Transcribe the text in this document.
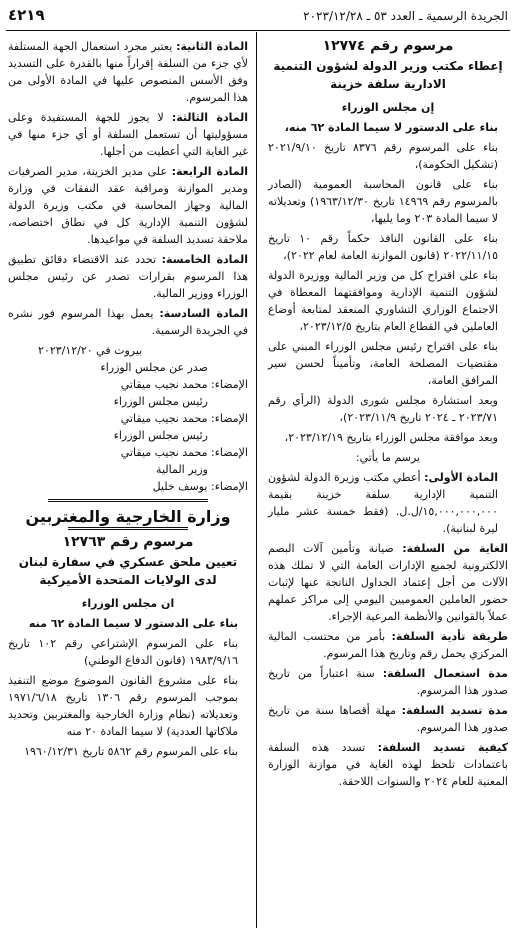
الجريدة الرسمية ـ العدد ٥٣ ـ ٢٠٢٣/١٢/٢٨
٤٢١٩
مرسوم رقم ١٢٧٧٤
إعطاء مكتب وزير الدولة لشؤون التنمية الادارية سلفة خزينة

إن مجلس الوزراء

بناء على الدستور لا سيما المادة ٦٢ منه،

بناء على المرسوم رقم ٨٣٧٦ تاريخ ٢٠٢١/٩/١٠ (تشكيل الحكومة)،

بناء على قانون المحاسبة العمومية (الصادر بالمرسوم رقم ١٤٩٦٩ تاريخ ١٩٦٣/١٢/٣٠) وتعديلاته لا سيما المادة ٢٠٣ وما يليها،

بناء على القانون النافذ حكماً رقم ١٠ تاريخ ٢٠٢٢/١١/١٥ (قانون الموازنة العامة لعام ٢٠٢٢)،

بناء على اقتراح كل من وزير المالية ووزيرة الدولة لشؤون التنمية الإدارية وموافقتهما المعطاة في الاجتماع الوزاري التشاوري المنعقد لمتابعة أوضاع العاملين في القطاع العام بتاريخ ٢٠٢٣/١٢/٥،

بناء على اقتراح رئيس مجلس الوزراء المبني على مقتضيات المصلحة العامة، وتأميناً لحسن سير المرافق العامة،

وبعد استشارة مجلس شورى الدولة (الرأي رقم ٢٠٢٣/٧١ ـ ٢٠٢٤ تاريخ ٢٠٢٣/١١/٩)،

وبعد موافقة مجلس الوزراء بتاريخ ٢٠٢٣/١٢/١٩،

يرسم ما يأتي:

المادة الأولى: أعطي مكتب وزيرة الدولة لشؤون التنمية الإدارية سلفة خزينة بقيمة ١٥,٠٠٠,٠٠٠,٠٠٠/ل.ل. (فقط خمسة عشر مليار ليرة لبنانية).

الغاية من السلفة: صيانة وتأمين آلات البصم الالكترونية لجميع الإدارات العامة التي لا تملك هذه الآلات من أجل إعتماد الجداول الناتجة عنها لإثبات حضور العاملين العموميين اليومي إلى مراكز عملهم عملاً بالقوانين والأنظمة المرعية الإجراء.

طريقة تأدية السلفة: بأمر من محتسب المالية المركزي يحمل رقم وتاريخ هذا المرسوم.

مدة استعمال السلفة: سنة اعتباراً من تاريخ صدور هذا المرسوم.

مدة تسديد السلفة: مهلة أقصاها سنة من تاريخ صدور هذا المرسوم.

كيفية تسديد السلفة: تسدد هذه السلفة باعتمادات تلحظ لهذه الغاية في موازنة الوزارة المعنية للعام ٢٠٢٤ والسنوات اللاحقة.

المادة الثانية: يعتبر مجرد استعمال الجهة المستلفة لأي جزء من السلفة إقراراً منها بالقدرة على التسديد وفق الأسس المنصوص عليها في المادة الأولى من هذا المرسوم.

المادة الثالثة: لا يجوز للجهة المستفيدة وعلى مسؤوليتها أن تستعمل السلفة أو أي جزء منها في غير الغاية التي أعطيت من أجلها.

المادة الرابعة: على مدير الخزينة، مدير الصرفيات ومدير الموازنة ومراقبة عقد النفقات في وزارة المالية وجهاز المحاسبة في مكتب وزيرة الدولة لشؤون التنمية الإدارية كل في نطاق اختصاصه، ملاحقة تسديد السلفة في مواعيدها.

المادة الخامسة: تحدد عند الاقتضاء دقائق تطبيق هذا المرسوم بقرارات تصدر عن رئيس مجلس الوزراء ووزير المالية.

المادة السادسة: يعمل بهذا المرسوم فور نشره في الجريدة الرسمية.

بيروت في ٢٠٢٣/١٢/٢٠

صدر عن مجلس الوزراء

الإمضاء: محمد نجيب ميقاتي

رئيس مجلس الوزراء

الإمضاء: محمد نجيب ميقاتي

رئيس مجلس الوزراء

الإمضاء: محمد نجيب ميقاتي

وزير المالية

الإمضاء: يوسف خليل

وزارة الخارجية والمغتربين
مرسوم رقم ١٢٧٦٣
تعيين ملحق عسكري في سفارة لبنان
لدى الولايات المتحدة الأميركية

ان مجلس الوزراء

بناء على الدستور لا سيما المادة ٦٢ منه

بناء على المرسوم الإشتراعي رقم ١٠٢ تاريخ ١٩٨٣/٩/١٦ (قانون الدفاع الوطني)

بناء على مشروع القانون الموضوع موضع التنفيذ بموجب المرسوم رقم ١٣٠٦ تاريخ ١٩٧١/٦/١٨ وتعديلاته (نظام وزارة الخارجية والمغتربين وتحديد ملاكاتها العددية) لا سيما المادة ٢٠ منه

بناء على المرسوم رقم ٥٨٦٢ تاريخ ١٩٦٠/١٢/٣١
